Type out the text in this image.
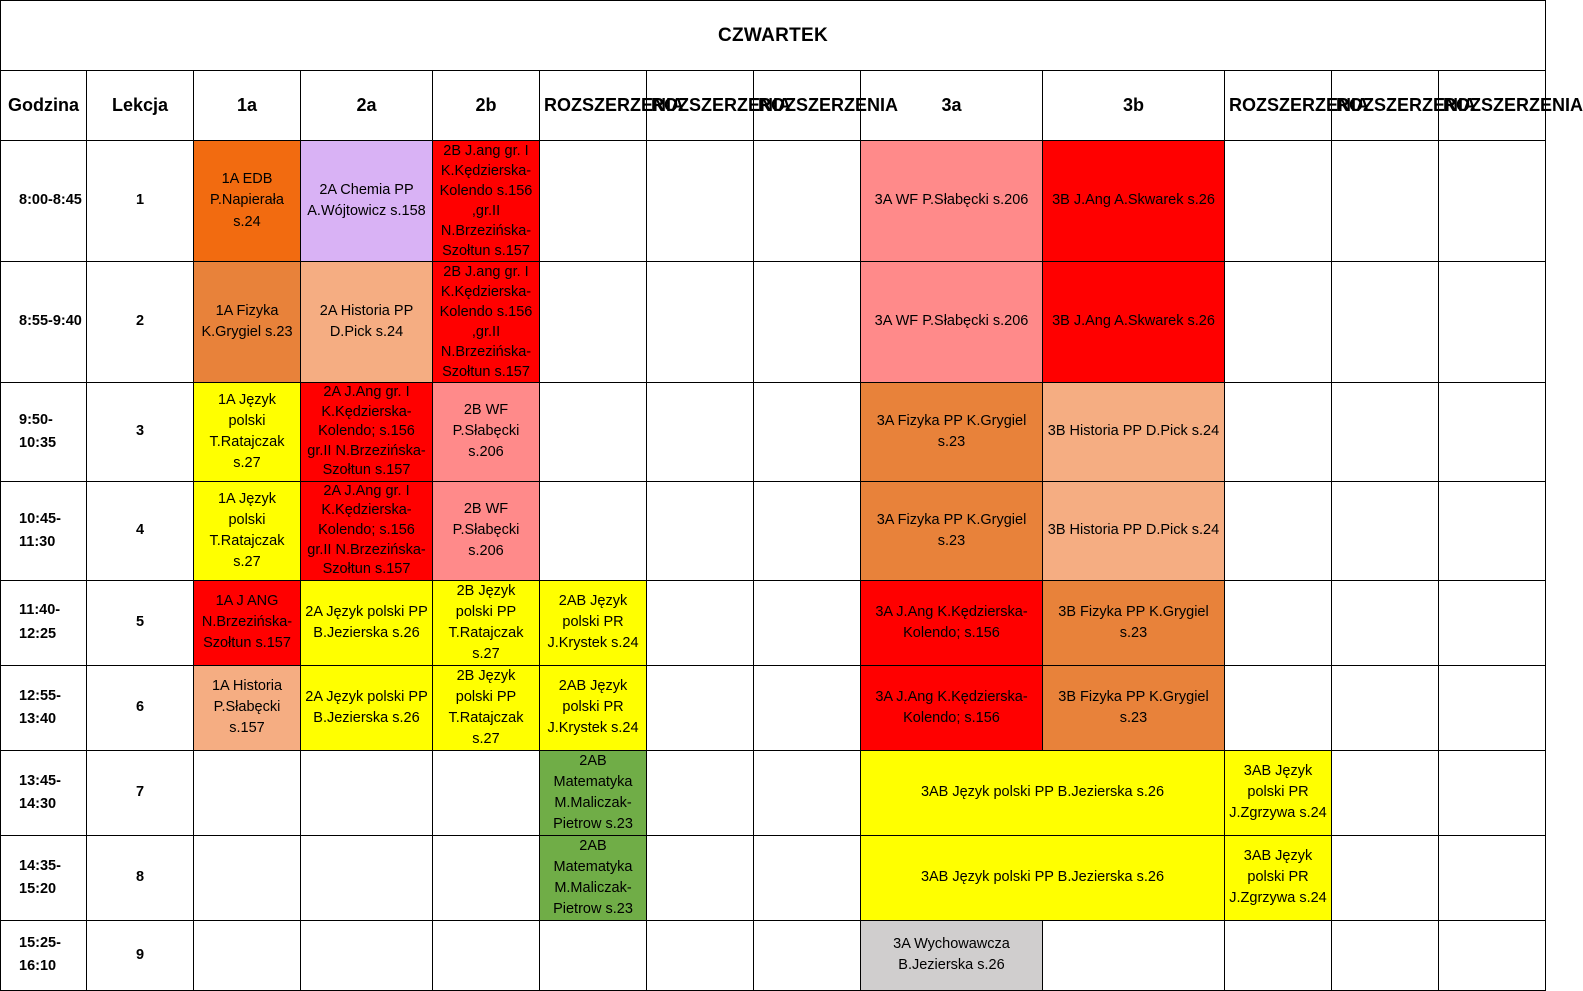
CZWARTEK												
Godzina	Lekcja	1a	2a	2b	ROZSZERZENIA	ROZSZERZENIA	ROZSZERZENIA	3a	3b	ROZSZERZENIA	ROZSZERZENIA	ROZSZERZENIA
8:00-8:45	1	1A EDB P.Napierała s.24	2A Chemia PP A.Wójtowicz s.158	2B J.ang gr. I K.Kędzierska-Kolendo s.156 ,gr.II N.Brzezińska-Szołtun s.157				3A WF P.Słabęcki s.206	3B J.Ang A.Skwarek s.26			
8:55-9:40	2	1A Fizyka K.Grygiel s.23	2A Historia PP D.Pick s.24	2B J.ang gr. I K.Kędzierska-Kolendo s.156 ,gr.II N.Brzezińska-Szołtun s.157				3A WF P.Słabęcki s.206	3B J.Ang A.Skwarek s.26			
9:50-10:35	3	1A Język polski T.Ratajczak s.27	2A J.Ang gr. I K.Kędzierska-Kolendo; s.156 gr.II N.Brzezińska-Szołtun s.157	2B WF P.Słabęcki s.206				3A Fizyka PP K.Grygiel s.23	3B Historia PP D.Pick s.24			
10:45-11:30	4	1A Język polski T.Ratajczak s.27	2A J.Ang gr. I K.Kędzierska-Kolendo; s.156 gr.II N.Brzezińska-Szołtun s.157	2B WF P.Słabęcki s.206				3A Fizyka PP K.Grygiel s.23	3B Historia PP D.Pick s.24			
11:40-12:25	5	1A J ANG N.Brzezińska-Szołtun s.157	2A Język polski PP B.Jezierska s.26	2B Język polski PP T.Ratajczak s.27	2AB Język polski PR J.Krystek s.24			3A J.Ang K.Kędzierska-Kolendo; s.156	3B Fizyka PP K.Grygiel s.23			
12:55-13:40	6	1A Historia P.Słabęcki s.157	2A Język polski PP B.Jezierska s.26	2B Język polski PP T.Ratajczak s.27	2AB Język polski PR J.Krystek s.24			3A J.Ang K.Kędzierska-Kolendo; s.156	3B Fizyka PP K.Grygiel s.23			
13:45-14:30	7				2AB Matematyka M.Maliczak-Pietrow s.23			3AB Język polski PP B.Jezierska s.26		3AB Język polski PR J.Zgrzywa s.24		
14:35-15:20	8				2AB Matematyka M.Maliczak-Pietrow s.23			3AB Język polski PP B.Jezierska s.26		3AB Język polski PR J.Zgrzywa s.24		
15:25-16:10	9							3A Wychowawcza B.Jezierska s.26				
